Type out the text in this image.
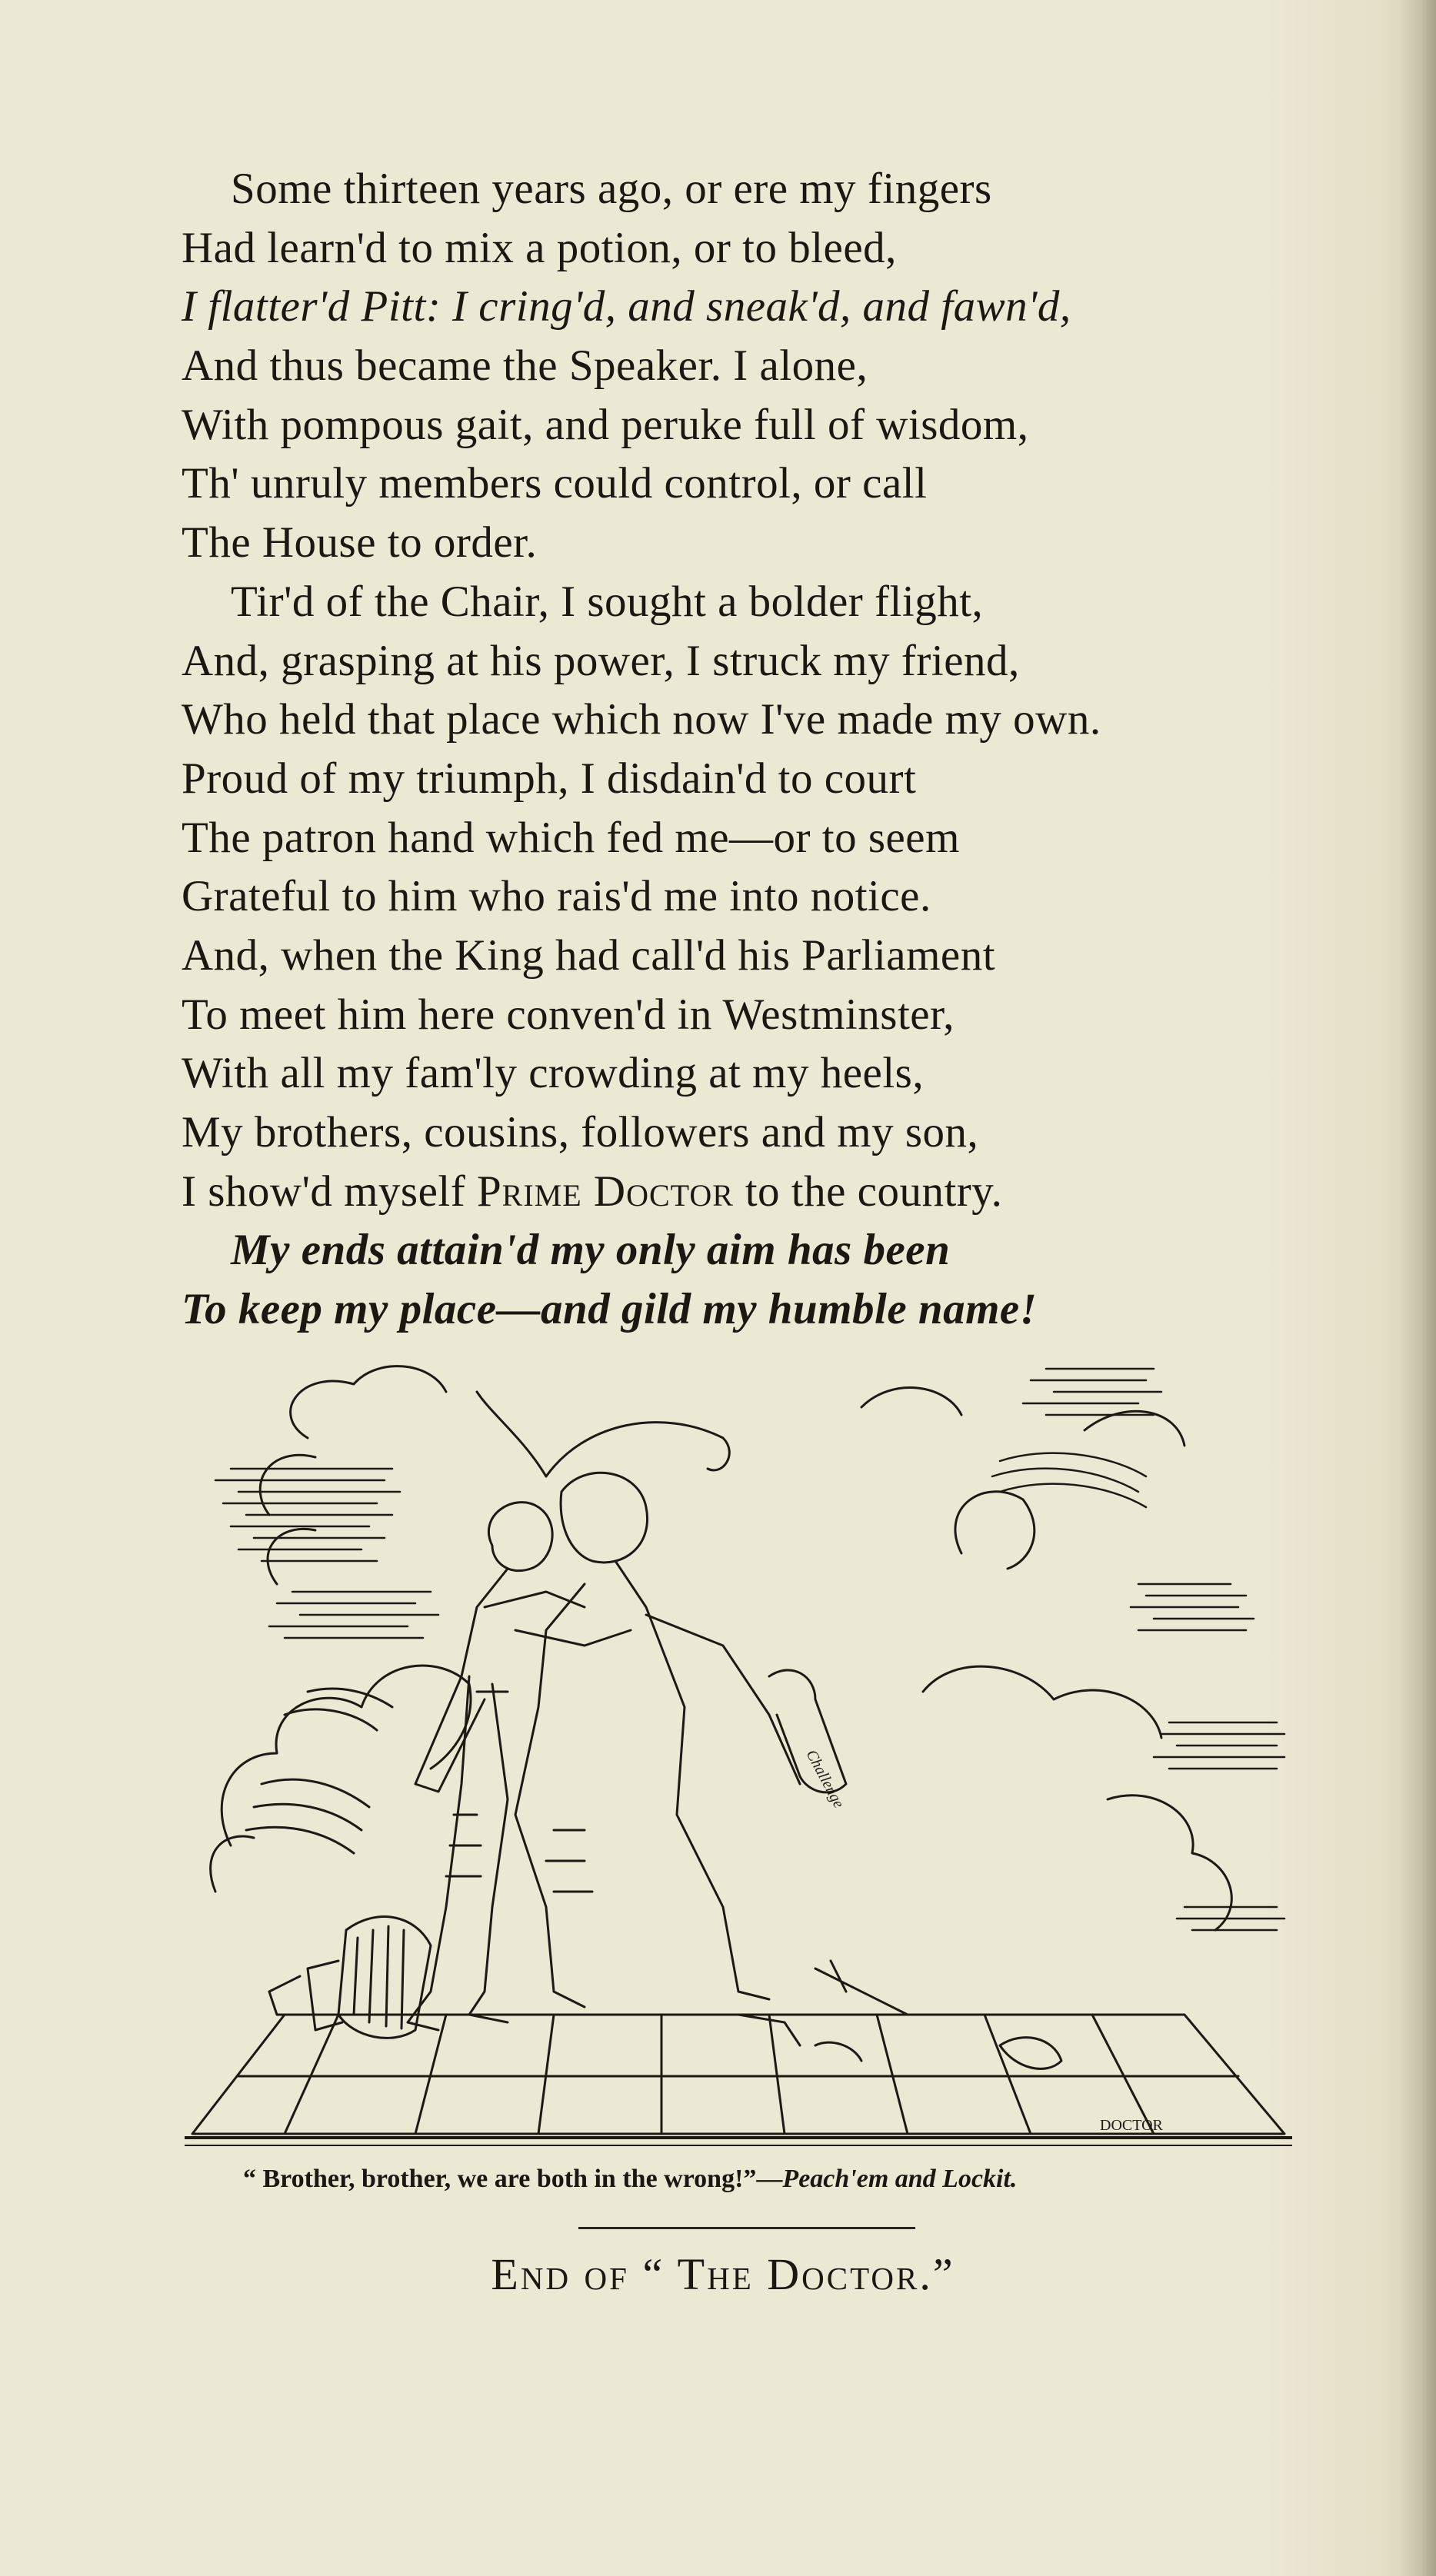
Some thirteen years ago, or ere my fingers
Had learn'd to mix a potion, or to bleed,
I flatter'd Pitt: I cring'd, and sneak'd, and fawn'd,
And thus became the Speaker. I alone,
With pompous gait, and peruke full of wisdom,
Th' unruly members could control, or call
The House to order.
Tir'd of the Chair, I sought a bolder flight,
And, grasping at his power, I struck my friend,
Who held that place which now I've made my own.
Proud of my triumph, I disdain'd to court
The patron hand which fed me—or to seem
Grateful to him who rais'd me into notice.
And, when the King had call'd his Parliament
To meet him here conven'd in Westminster,
With all my fam'ly crowding at my heels,
My brothers, cousins, followers and my son,
I show'd myself Prime Doctor to the country.
My ends attain'd my only aim has been
To keep my place—and gild my humble name!
Challenge
DOCTOR
“ Brother, brother, we are both in the wrong!”—Peach'em and Lockit.
End of “ The Doctor.”
